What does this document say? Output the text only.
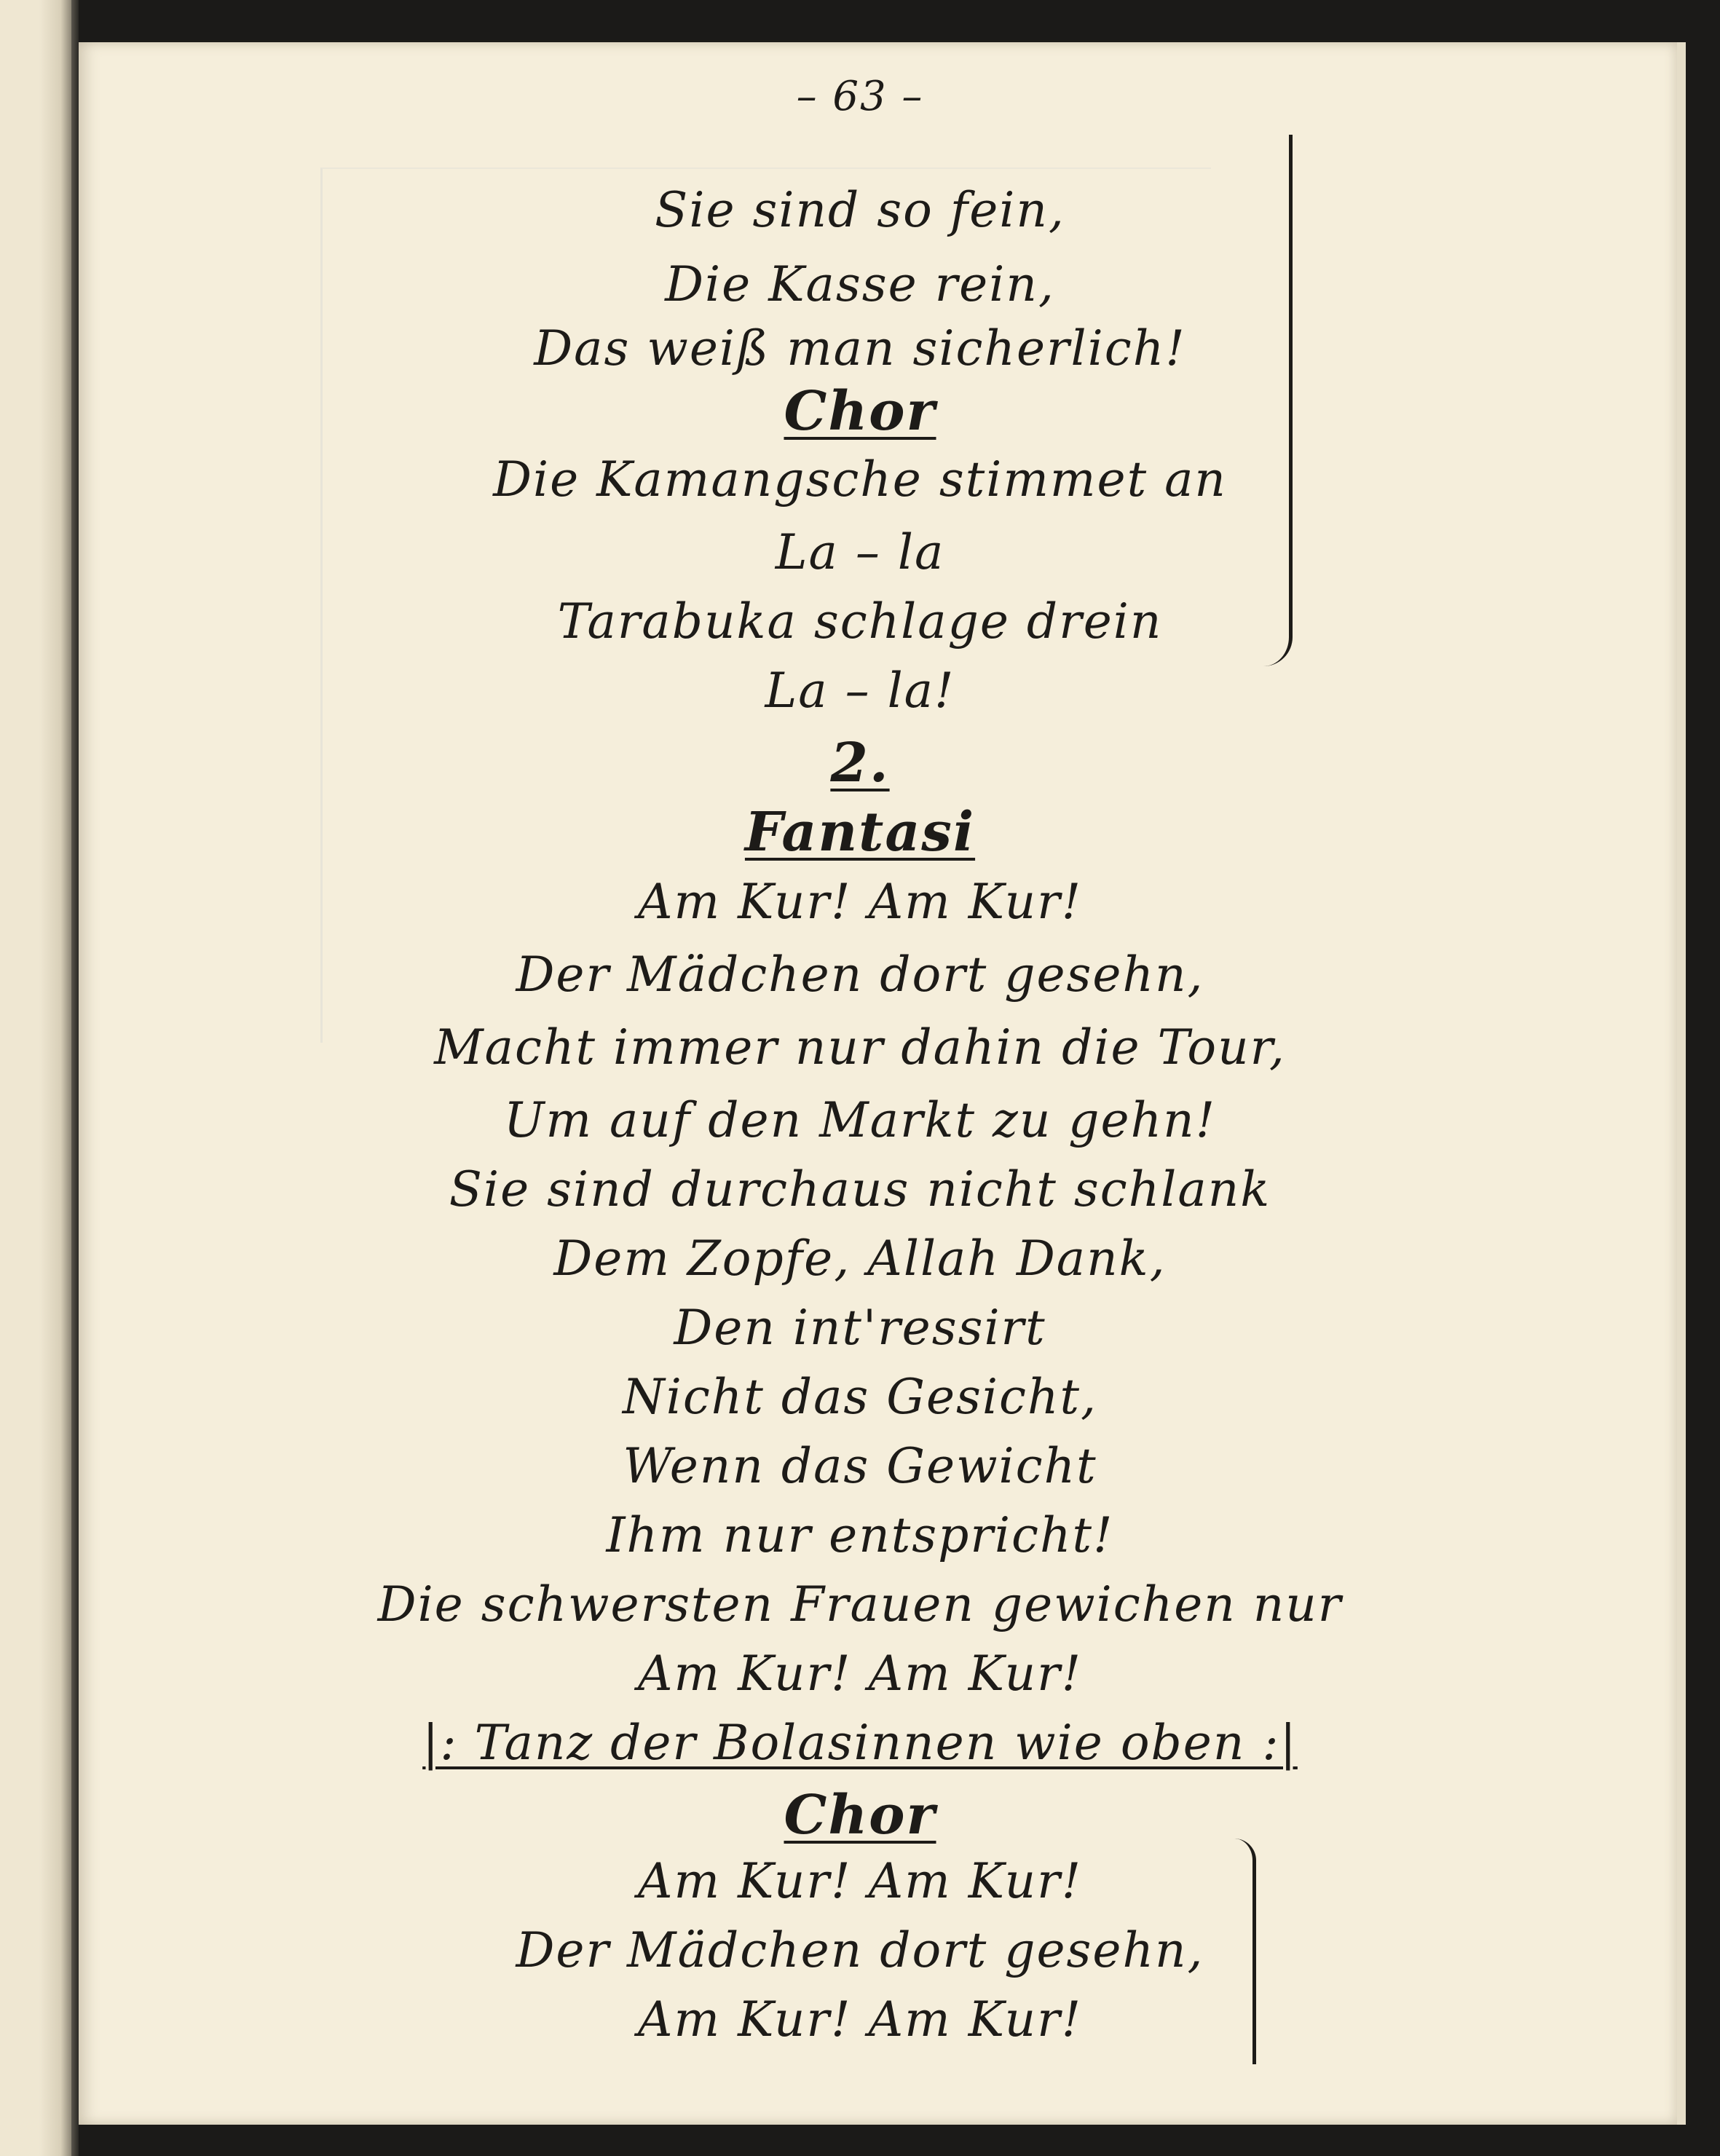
– 63 –
Sie sind so fein,
Die Kasse rein,
Das weiß man sicherlich!
Chor
Die Kamangsche stimmet an
La – la
Tarabuka schlage drein
La – la!
2.
Fantasi
Am Kur! Am Kur!
Der Mädchen dort gesehn,
Macht immer nur dahin die Tour,
Um auf den Markt zu gehn!
Sie sind durchaus nicht schlank
Dem Zopfe, Allah Dank,
Den int'ressirt
Nicht das Gesicht,
Wenn das Gewicht
Ihm nur entspricht!
Die schwersten Frauen gewichen nur
Am Kur! Am Kur!
|: Tanz der Bolasinnen wie oben :|
Chor
Am Kur! Am Kur!
Der Mädchen dort gesehn,
Am Kur! Am Kur!
